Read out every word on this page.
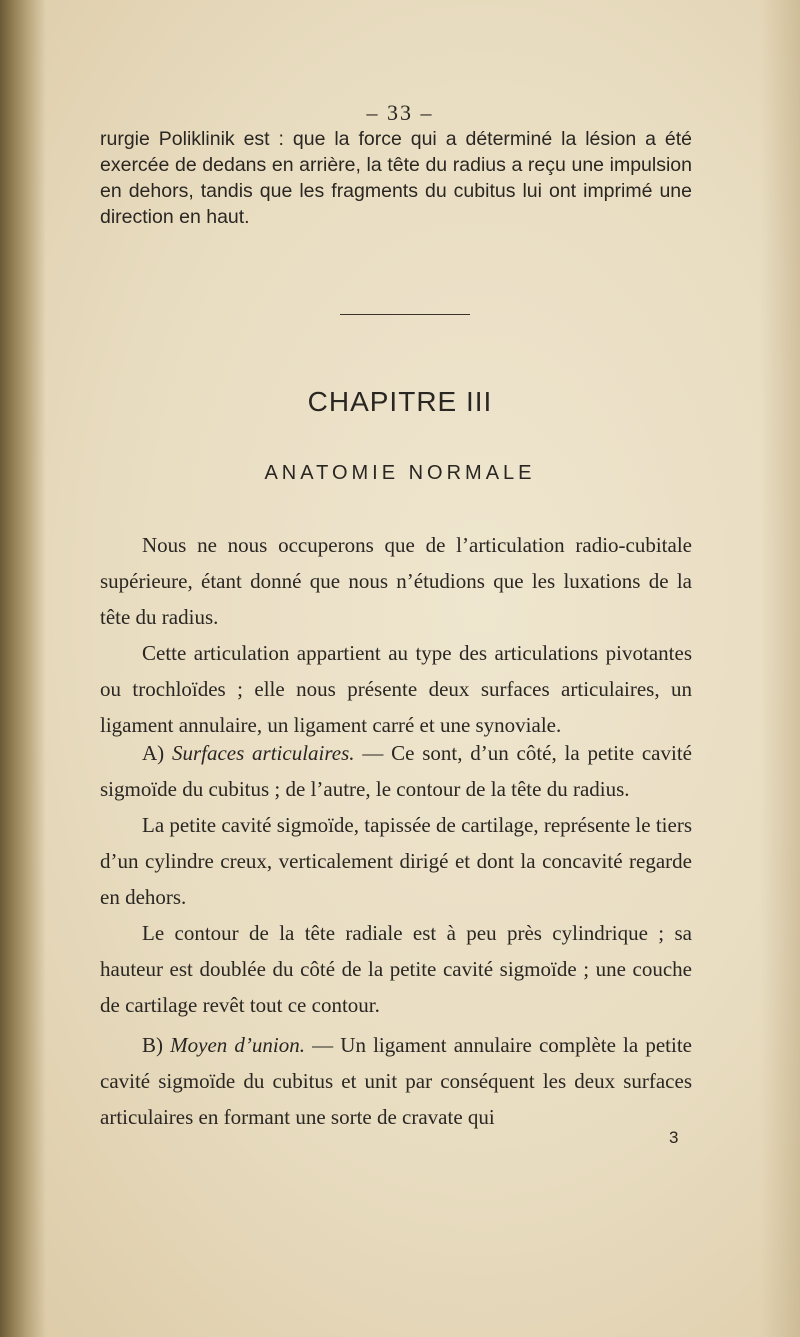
– 33 –

rurgie Poliklinik est : que la force qui a déterminé la lésion a été exercée de dedans en arrière, la tête du radius a reçu une impulsion en dehors, tandis que les fragments du cubitus lui ont imprimé une direction en haut.

CHAPITRE III
ANATOMIE NORMALE

Nous ne nous occuperons que de l’articulation radio-cubitale supérieure, étant donné que nous n’étudions que les luxations de la tête du radius.

Cette articulation appartient au type des articulations pivotantes ou trochloïdes ; elle nous présente deux surfaces articulaires, un ligament annulaire, un ligament carré et une synoviale.

A) Surfaces articulaires. — Ce sont, d’un côté, la petite cavité sigmoïde du cubitus ; de l’autre, le contour de la tête du radius.

La petite cavité sigmoïde, tapissée de cartilage, représente le tiers d’un cylindre creux, verticalement dirigé et dont la concavité regarde en dehors.

Le contour de la tête radiale est à peu près cylindrique ; sa hauteur est doublée du côté de la petite cavité sigmoïde ; une couche de cartilage revêt tout ce contour.

B) Moyen d’union. — Un ligament annulaire complète la petite cavité sigmoïde du cubitus et unit par conséquent les deux surfaces articulaires en formant une sorte de cravate qui

3
